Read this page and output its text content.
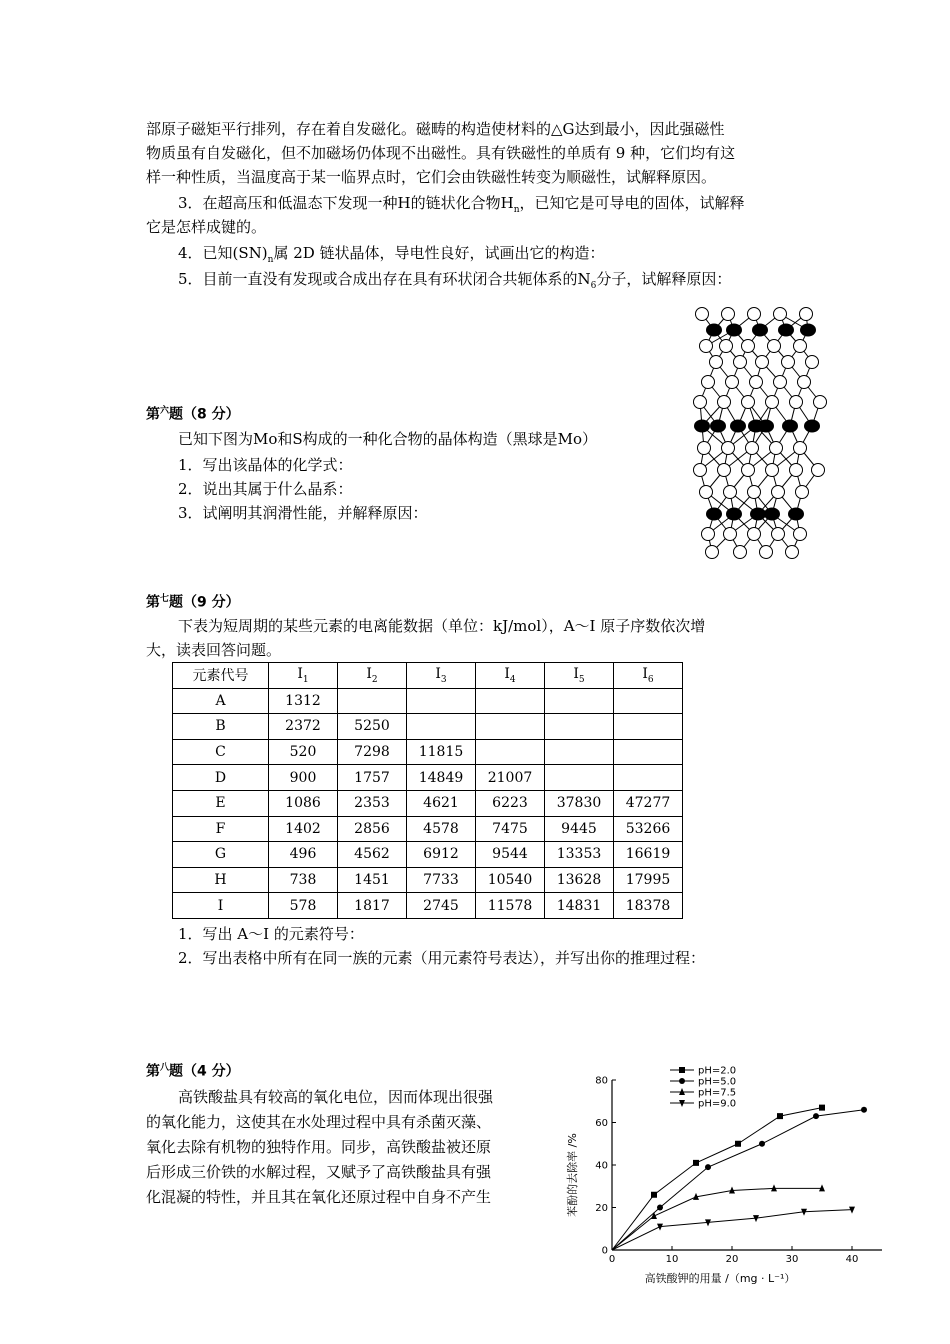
部原子磁矩平行排列，存在着自发磁化。磁畴的构造使材料的△G达到最小，因此强磁性
物质虽有自发磁化，但不加磁场仍体现不出磁性。具有铁磁性的单质有 9 种，它们均有这
样一种性质，当温度高于某一临界点时，它们会由铁磁性转变为顺磁性，试解释原因。
3．在超高压和低温态下发现一种H的链状化合物$H_n$，已知它是可导电的固体，试解释
它是怎样成键的。
4．已知$(SN)_n$属 2D 链状晶体，导电性良好，试画出它的构造：
5．目前一直没有发现或合成出存在具有环状闭合共轭体系的$N_6$分子，试解释原因：
第$^六$题（8 分）
已知下图为Mo和S构成的一种化合物的晶体构造（黑球是Mo）
1．写出该晶体的化学式：
2．说出其属于什么晶系：
3．试阐明其润滑性能，并解释原因：
第$^七$题（9 分）
下表为短周期的某些元素的电离能数据（单位：kJ/mol），A～I 原子序数依次增
大，读表回答问题。
元素代号	$I_1$	$I_2$	$I_3$	$I_4$	$I_5$	$I_6$
A	1312					
B	2372	5250				
C	520	7298	11815			
D	900	1757	14849	21007		
E	1086	2353	4621	6223	37830	47277
F	1402	2856	4578	7475	9445	53266
G	496	4562	6912	9544	13353	16619
H	738	1451	7733	10540	13628	17995
I	578	1817	2745	11578	14831	18378
1．写出 A～I 的元素符号：
2．写出表格中所有在同一族的元素（用元素符号表达），并写出你的推理过程：
第$^八$题（4 分）
高铁酸盐具有较高的氧化电位，因而体现出很强
的氧化能力，这使其在水处理过程中具有杀菌灭藻、
氧化去除有机物的独特作用。同步，高铁酸盐被还原
后形成三价铁的水解过程，又赋予了高铁酸盐具有强
化混凝的特性，并且其在氧化还原过程中自身不产生
0	10	20	30	40
0
20
40
60
80
pH=2.0
pH=5.0
pH=7.5
pH=9.0
高铁酸钾的用量 /（mg · L⁻¹）
苯酚的去除率 /%
